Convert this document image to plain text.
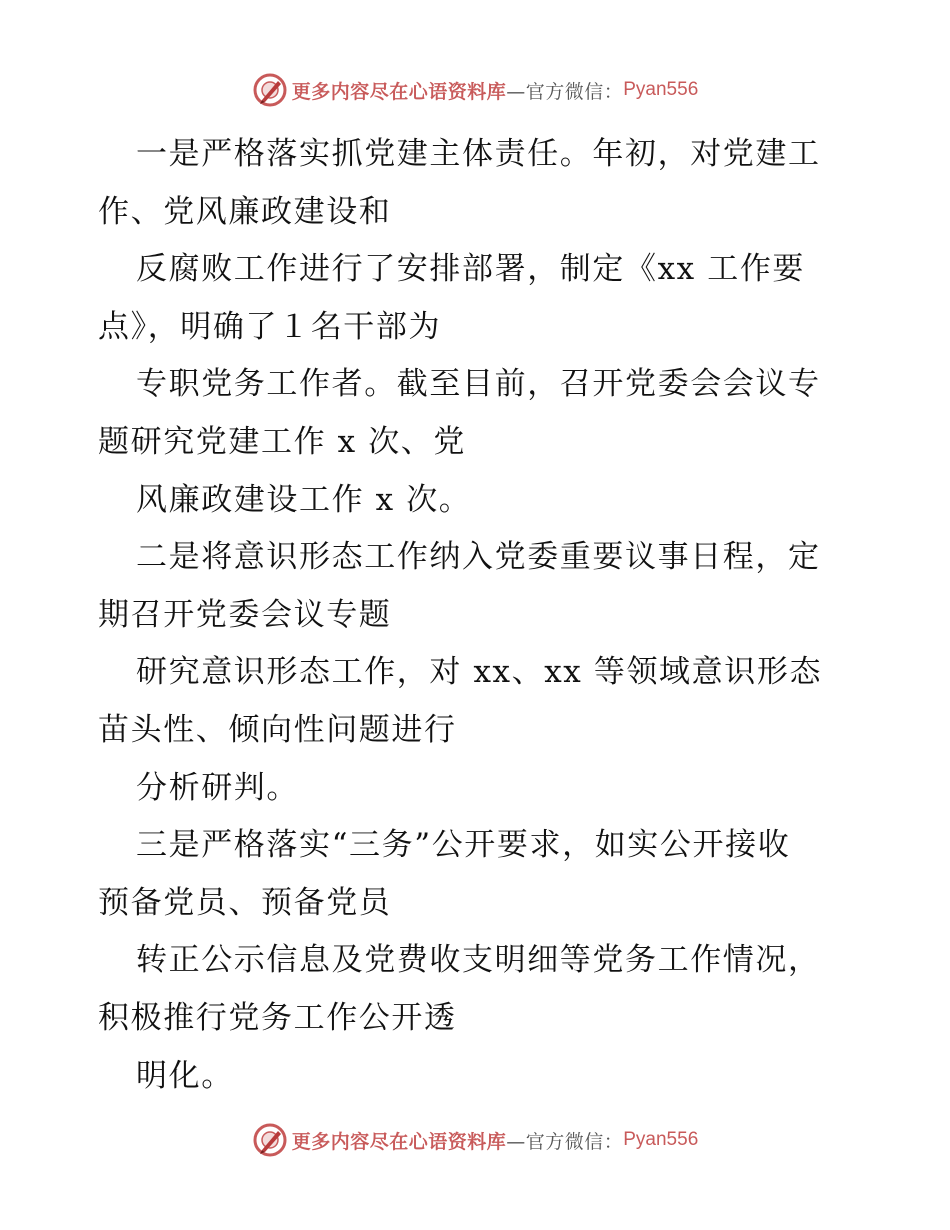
更多内容尽在心语资料库 —官方微信： Pyan556
一是严格落实抓党建主体责任。年初，对党建工
作、党风廉政建设和
反腐败工作进行了安排部署，制定《xx 工作要
点》，明确了１名干部为
专职党务工作者。截至目前，召开党委会会议专
题研究党建工作 x 次、党
风廉政建设工作 x 次。
二是将意识形态工作纳入党委重要议事日程，定
期召开党委会议专题
研究意识形态工作，对 xx、xx 等领域意识形态
苗头性、倾向性问题进行
分析研判。
三是严格落实“三务”公开要求，如实公开接收
预备党员、预备党员
转正公示信息及党费收支明细等党务工作情况，
积极推行党务工作公开透
明化。
更多内容尽在心语资料库 —官方微信： Pyan556
